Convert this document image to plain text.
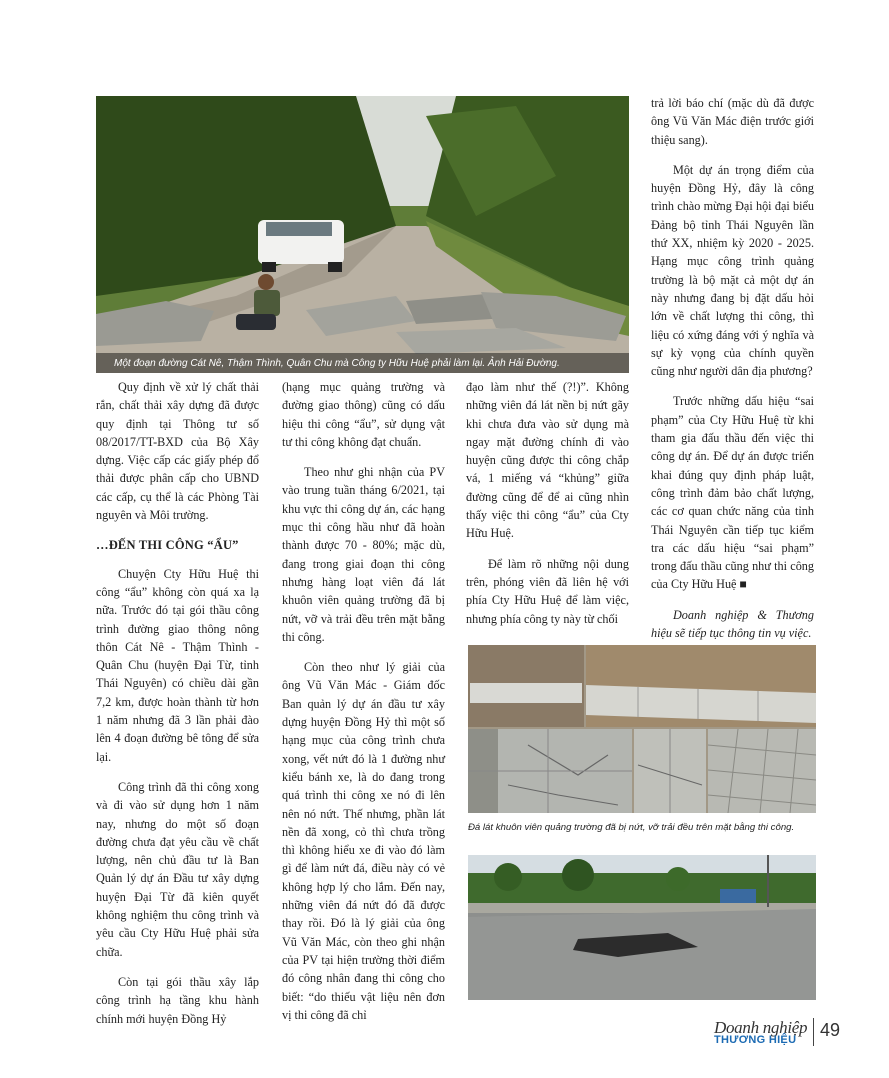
Một đoạn đường Cát Nê, Thậm Thình, Quân Chu mà Công ty Hữu Huệ phải làm lại. Ảnh Hải Đường.

Quy định về xử lý chất thải rắn, chất thải xây dựng đã được quy định tại Thông tư số 08/2017/TT-BXD của Bộ Xây dựng. Việc cấp các giấy phép đổ thải được phân cấp cho UBND các cấp, cụ thể là các Phòng Tài nguyên và Môi trường.

…ĐẾN THI CÔNG “ẨU”

Chuyện Cty Hữu Huệ thi công “ẩu” không còn quá xa lạ nữa. Trước đó tại gói thầu công trình đường giao thông nông thôn Cát Nê - Thậm Thình - Quân Chu (huyện Đại Từ, tỉnh Thái Nguyên) có chiều dài gần 7,2 km, được hoàn thành từ hơn 1 năm nhưng đã 3 lần phải đào lên 4 đoạn đường bê tông để sửa lại.

Công trình đã thi công xong và đi vào sử dụng hơn 1 năm nay, nhưng do một số đoạn đường chưa đạt yêu cầu về chất lượng, nên chủ đầu tư là Ban Quản lý dự án Đầu tư xây dựng huyện Đại Từ đã kiên quyết không nghiệm thu công trình và yêu cầu Cty Hữu Huệ phải sửa chữa.

Còn tại gói thầu xây lắp công trình hạ tầng khu hành chính mới huyện Đồng Hỷ

(hạng mục quảng trường và đường giao thông) cũng có dấu hiệu thi công “ẩu”, sử dụng vật tư thi công không đạt chuẩn.

Theo như ghi nhận của PV vào trung tuần tháng 6/2021, tại khu vực thi công dự án, các hạng mục thi công hầu như đã hoàn thành được 70 - 80%; mặc dù, đang trong giai đoạn thi công nhưng hàng loạt viên đá lát khuôn viên quảng trường đã bị nứt, vỡ và trải đều trên mặt bằng thi công.

Còn theo như lý giải của ông Vũ Văn Mác - Giám đốc Ban quản lý dự án đầu tư xây dựng huyện Đồng Hỷ thì một số hạng mục của công trình chưa xong, vết nứt đó là 1 đường như kiểu bánh xe, là do đang trong quá trình thi công xe nó đi lên nên nó nứt. Thế nhưng, phần lát nền đã xong, cỏ thì chưa trồng thì không hiểu xe đi vào đó làm gì để làm nứt đá, điều này có vẻ không hợp lý cho lắm. Đến nay, những viên đá nứt đó đã được thay rồi. Đó là lý giải của ông Vũ Văn Mác, còn theo ghi nhận của PV tại hiện trường thời điểm đó công nhân đang thi công cho biết: “do thiếu vật liệu nên đơn vị thi công đã chỉ

đạo làm như thế (?!)”. Không những viên đá lát nền bị nứt gãy khi chưa đưa vào sử dụng mà ngay mặt đường chính đi vào huyện cũng được thi công chắp vá, 1 miếng vá “khủng” giữa đường cũng để để ai cũng nhìn thấy việc thi công “ẩu” của Cty Hữu Huệ.

Để làm rõ những nội dung trên, phóng viên đã liên hệ với phía Cty Hữu Huệ để làm việc, nhưng phía công ty này từ chối

trả lời báo chí (mặc dù đã được ông Vũ Văn Mác điện trước giới thiệu sang).

Một dự án trọng điểm của huyện Đồng Hỷ, đây là công trình chào mừng Đại hội đại biểu Đảng bộ tỉnh Thái Nguyên lần thứ XX, nhiệm kỳ 2020 - 2025. Hạng mục công trình quảng trường là bộ mặt cả một dự án này nhưng đang bị đặt dấu hỏi lớn về chất lượng thi công, thì liệu có xứng đáng với ý nghĩa và sự kỳ vọng của chính quyền cũng như người dân địa phương?

Trước những dấu hiệu “sai phạm” của Cty Hữu Huệ từ khi tham gia đấu thầu đến việc thi công dự án. Để dự án được triển khai đúng quy định pháp luật, công trình đảm bảo chất lượng, các cơ quan chức năng của tỉnh Thái Nguyên cần tiếp tục kiểm tra các dấu hiệu “sai phạm” trong đấu thầu cũng như thi công của Cty Hữu Huệ ■

Doanh nghiệp & Thương hiệu sẽ tiếp tục thông tin vụ việc.

Đá lát khuôn viên quảng trường đã bị nứt, vỡ trải đều trên mặt bằng thi công.
Doanh nghiệp
THƯƠNG HIỆU	49
